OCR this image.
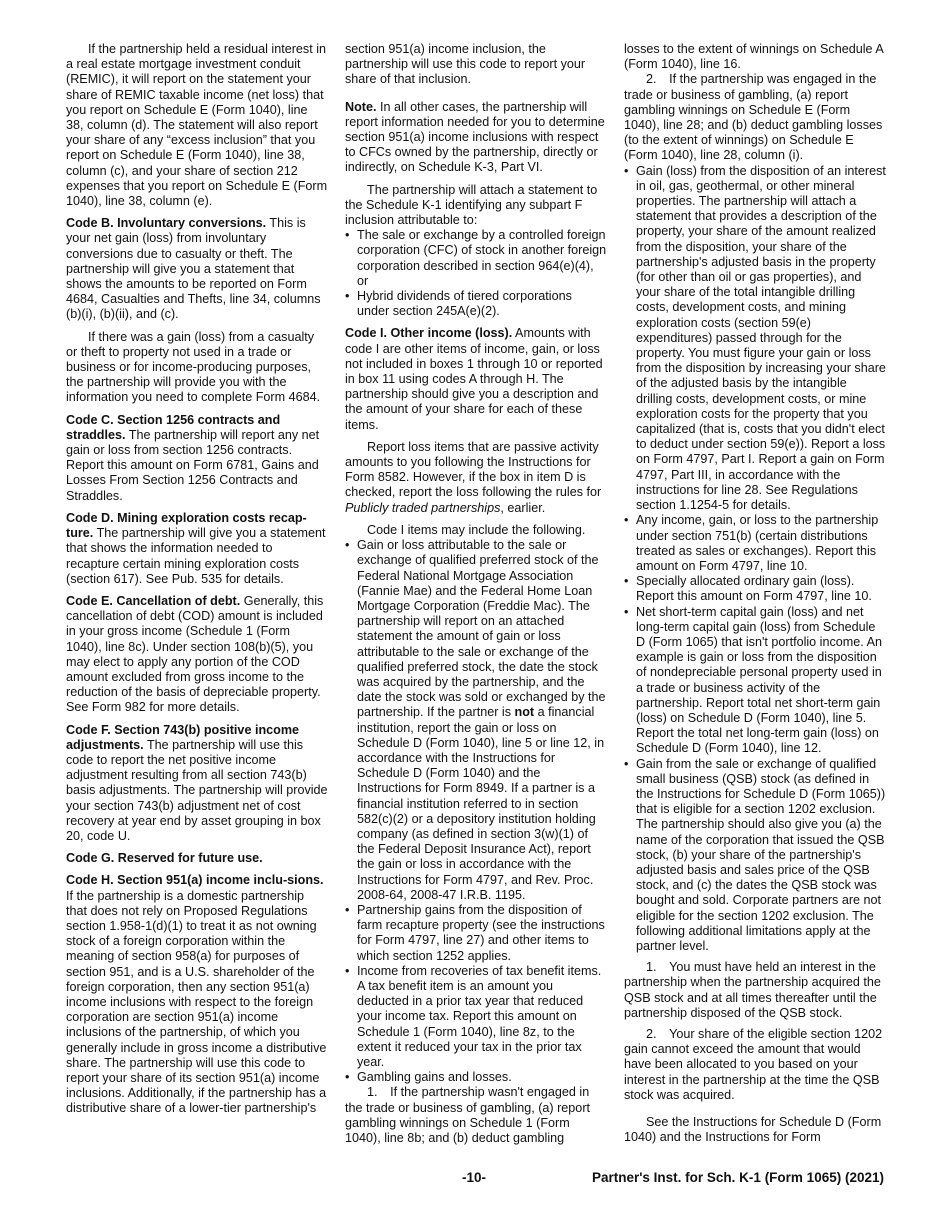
If the partnership held a residual interest in a real estate mortgage investment conduit (REMIC), it will report on the statement your share of REMIC taxable income (net loss) that you report on Schedule E (Form 1040), line 38, column (d). The statement will also report your share of any “excess inclusion” that you report on Schedule E (Form 1040), line 38, column (c), and your share of section 212 expenses that you report on Schedule E (Form 1040), line 38, column (e).

Code B. Involuntary conversions. This is your net gain (loss) from involuntary conversions due to casualty or theft. The partnership will give you a statement that shows the amounts to be reported on Form 4684, Casualties and Thefts, line 34, columns (b)(i), (b)(ii), and (c).

If there was a gain (loss) from a casualty or theft to property not used in a trade or business or for income-producing purposes, the partnership will provide you with the information you need to complete Form 4684.

Code C. Section 1256 contracts and straddles. The partnership will report any net gain or loss from section 1256 contracts. Report this amount on Form 6781, Gains and Losses From Section 1256 Contracts and Straddles.

Code D. Mining exploration costs recap-ture. The partnership will give you a statement that shows the information needed to recapture certain mining exploration costs (section 617). See Pub. 535 for details.

Code E. Cancellation of debt. Generally, this cancellation of debt (COD) amount is included in your gross income (Schedule 1 (Form 1040), line 8c). Under section 108(b)(5), you may elect to apply any portion of the COD amount excluded from gross income to the reduction of the basis of depreciable property. See Form 982 for more details.

Code F. Section 743(b) positive income adjustments. The partnership will use this code to report the net positive income adjustment resulting from all section 743(b) basis adjustments. The partnership will provide your section 743(b) adjustment net of cost recovery at year end by asset grouping in box 20, code U.

Code G. Reserved for future use.

Code H. Section 951(a) income inclu-sions. If the partnership is a domestic partnership that does not rely on Proposed Regulations section 1.958-1(d)(1) to treat it as not owning stock of a foreign corporation within the meaning of section 958(a) for purposes of section 951, and is a U.S. shareholder of the foreign corporation, then any section 951(a) income inclusions with respect to the foreign corporation are section 951(a) income inclusions of the partnership, of which you generally include in gross income a distributive share. The partnership will use this code to report your share of its section 951(a) income inclusions. Additionally, if the partnership has a distributive share of a lower-tier partnership's

section 951(a) income inclusion, the partnership will use this code to report your share of that inclusion.

Note. In all other cases, the partnership will report information needed for you to determine section 951(a) income inclusions with respect to CFCs owned by the partnership, directly or indirectly, on Schedule K-3, Part VI.

The partnership will attach a statement to the Schedule K-1 identifying any subpart F inclusion attributable to:

• The sale or exchange by a controlled foreign corporation (CFC) of stock in another foreign corporation described in section 964(e)(4), or

• Hybrid dividends of tiered corporations under section 245A(e)(2).

Code I. Other income (loss). Amounts with code I are other items of income, gain, or loss not included in boxes 1 through 10 or reported in box 11 using codes A through H. The partnership should give you a description and the amount of your share for each of these items.

Report loss items that are passive activity amounts to you following the Instructions for Form 8582. However, if the box in item D is checked, report the loss following the rules for Publicly traded partnerships, earlier.

Code I items may include the following.

• Gain or loss attributable to the sale or exchange of qualified preferred stock of the Federal National Mortgage Association (Fannie Mae) and the Federal Home Loan Mortgage Corporation (Freddie Mac). The partnership will report on an attached statement the amount of gain or loss attributable to the sale or exchange of the qualified preferred stock, the date the stock was acquired by the partnership, and the date the stock was sold or exchanged by the partnership. If the partner is not a financial institution, report the gain or loss on Schedule D (Form 1040), line 5 or line 12, in accordance with the Instructions for Schedule D (Form 1040) and the Instructions for Form 8949. If a partner is a financial institution referred to in section 582(c)(2) or a depository institution holding company (as defined in section 3(w)(1) of the Federal Deposit Insurance Act), report the gain or loss in accordance with the Instructions for Form 4797, and Rev. Proc. 2008-64, 2008-47 I.R.B. 1195.

• Partnership gains from the disposition of farm recapture property (see the instructions for Form 4797, line 27) and other items to which section 1252 applies.

• Income from recoveries of tax benefit items. A tax benefit item is an amount you deducted in a prior tax year that reduced your income tax. Report this amount on Schedule 1 (Form 1040), line 8z, to the extent it reduced your tax in the prior tax year.

• Gambling gains and losses.

1. If the partnership wasn't engaged in the trade or business of gambling, (a) report gambling winnings on Schedule 1 (Form 1040), line 8b; and (b) deduct gambling

losses to the extent of winnings on Schedule A (Form 1040), line 16.

2. If the partnership was engaged in the trade or business of gambling, (a) report gambling winnings on Schedule E (Form 1040), line 28; and (b) deduct gambling losses (to the extent of winnings) on Schedule E (Form 1040), line 28, column (i).

• Gain (loss) from the disposition of an interest in oil, gas, geothermal, or other mineral properties. The partnership will attach a statement that provides a description of the property, your share of the amount realized from the disposition, your share of the partnership's adjusted basis in the property (for other than oil or gas properties), and your share of the total intangible drilling costs, development costs, and mining exploration costs (section 59(e) expenditures) passed through for the property. You must figure your gain or loss from the disposition by increasing your share of the adjusted basis by the intangible drilling costs, development costs, or mine exploration costs for the property that you capitalized (that is, costs that you didn't elect to deduct under section 59(e)). Report a loss on Form 4797, Part I. Report a gain on Form 4797, Part III, in accordance with the instructions for line 28. See Regulations section 1.1254-5 for details.

• Any income, gain, or loss to the partnership under section 751(b) (certain distributions treated as sales or exchanges). Report this amount on Form 4797, line 10.

• Specially allocated ordinary gain (loss). Report this amount on Form 4797, line 10.

• Net short-term capital gain (loss) and net long-term capital gain (loss) from Schedule D (Form 1065) that isn't portfolio income. An example is gain or loss from the disposition of nondepreciable personal property used in a trade or business activity of the partnership. Report total net short-term gain (loss) on Schedule D (Form 1040), line 5. Report the total net long-term gain (loss) on Schedule D (Form 1040), line 12.

• Gain from the sale or exchange of qualified small business (QSB) stock (as defined in the Instructions for Schedule D (Form 1065)) that is eligible for a section 1202 exclusion. The partnership should also give you (a) the name of the corporation that issued the QSB stock, (b) your share of the partnership's adjusted basis and sales price of the QSB stock, and (c) the dates the QSB stock was bought and sold. Corporate partners are not eligible for the section 1202 exclusion. The following additional limitations apply at the partner level.

1. You must have held an interest in the partnership when the partnership acquired the QSB stock and at all times thereafter until the partnership disposed of the QSB stock.

2. Your share of the eligible section 1202 gain cannot exceed the amount that would have been allocated to you based on your interest in the partnership at the time the QSB stock was acquired.

See the Instructions for Schedule D (Form 1040) and the Instructions for Form

-10-	Partner's Inst. for Sch. K-1 (Form 1065) (2021)
